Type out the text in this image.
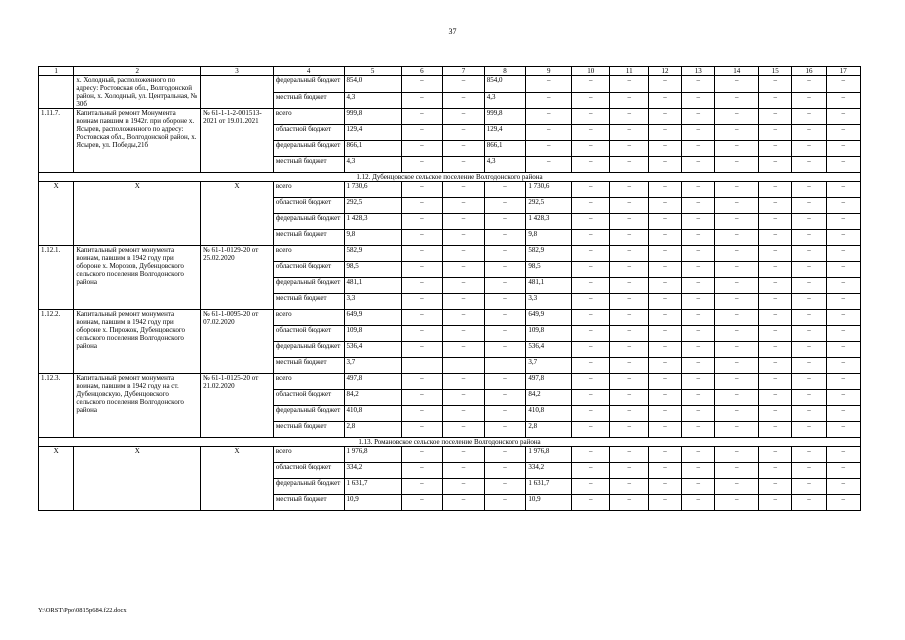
37
1	2	3	4	5	6	7	8	9	10	11	12	13	14	15	16	17
	х. Холодный, расположенного по адресу: Ростовская обл., Волгодонской район, х. Холодный, ул. Центральная, № 30б		федеральный бюджет	854,0	–	–	854,0	–	–	–	–	–	–	–	–	–
			местный бюджет	4,3	–	–	4,3	–	–	–	–	–	–	–	–	–
1.11.7.	Капитальный ремонт Монумента воинам павшим в 1942г. при обороне х. Ясырев, расположенного по адресу: Ростовская обл., Волгодонской район, х. Ясырев, ул. Победы,21б	№ 61-1-1-2-001513-2021 от 19.01.2021	всего	999,8	–	–	999,8	–	–	–	–	–	–	–	–	–
			областной бюджет	129,4	–	–	129,4	–	–	–	–	–	–	–	–	–
			федеральный бюджет	866,1	–	–	866,1	–	–	–	–	–	–	–	–	–
			местный бюджет	4,3	–	–	4,3	–	–	–	–	–	–	–	–	–
1.12. Дубенцовское сельское поселение Волгодонского района																
X	X	X	всего	1 730,6	–	–	–	1 730,6	–	–	–	–	–	–	–	–
			областной бюджет	292,5	–	–	–	292,5	–	–	–	–	–	–	–	–
			федеральный бюджет	1 428,3	–	–	–	1 428,3	–	–	–	–	–	–	–	–
			местный бюджет	9,8	–	–	–	9,8	–	–	–	–	–	–	–	–
1.12.1.	Капитальный ремонт монумента воинам, павшим в 1942 году при обороне х. Морозов, Дубенцовского сельского поселения Волгодонского района	№ 61-1-0129-20 от 25.02.2020	всего	582,9	–	–	–	582,9	–	–	–	–	–	–	–	–
			областной бюджет	98,5	–	–	–	98,5	–	–	–	–	–	–	–	–
			федеральный бюджет	481,1	–	–	–	481,1	–	–	–	–	–	–	–	–
			местный бюджет	3,3	–	–	–	3,3	–	–	–	–	–	–	–	–
1.12.2.	Капитальный ремонт монумента воинам, павшим в 1942 году при обороне х. Пирожок, Дубенцовского сельского поселения Волгодонского района	№ 61-1-0095-20 от 07.02.2020	всего	649,9	–	–	–	649,9	–	–	–	–	–	–	–	–
			областной бюджет	109,8	–	–	–	109,8	–	–	–	–	–	–	–	–
			федеральный бюджет	536,4	–	–	–	536,4	–	–	–	–	–	–	–	–
			местный бюджет	3,7				3,7	–	–	–	–	–	–	–	–
1.12.3.	Капитальный ремонт монумента воинам, павшим в 1942 году на ст. Дубенцовскую, Дубенцовского сельского поселения Волгодонского района	№ 61-1-0125-20 от 21.02.2020	всего	497,8	–	–	–	497,8	–	–	–	–	–	–	–	–
			областной бюджет	84,2	–	–	–	84,2	–	–	–	–	–	–	–	–
			федеральный бюджет	410,8	–	–	–	410,8	–	–	–	–	–	–	–	–
			местный бюджет	2,8	–	–	–	2,8	–	–	–	–	–	–	–	–
1.13. Романовское сельское поселение Волгодонского района																
X	X	X	всего	1 976,8	–	–	–	1 976,8	–	–	–	–	–	–	–	–
			областной бюджет	334,2	–	–	–	334,2	–	–	–	–	–	–	–	–
			федеральный бюджет	1 631,7	–	–	–	1 631,7	–	–	–	–	–	–	–	–
			местный бюджет	10,9	–	–	–	10,9	–	–	–	–	–	–	–	–
Y:\ORST\Ppo\0815p684.f22.docx
